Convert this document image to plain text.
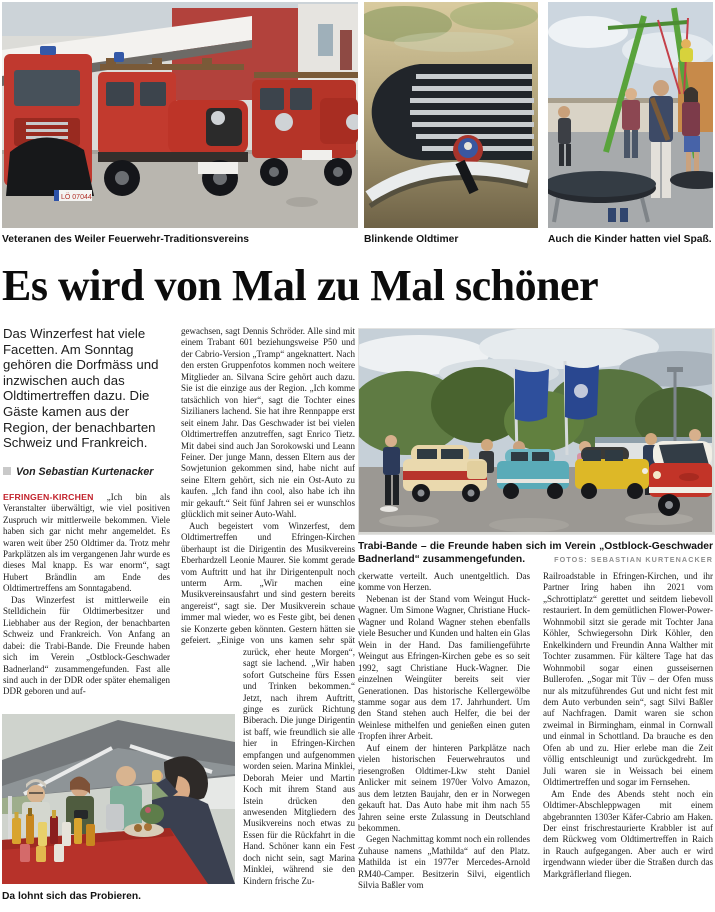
LÖ 07044
Veteranen des Weiler Feuerwehr-Traditionsvereins	Blinkende Oldtimer	Auch die Kinder hatten viel Spaß.
Es wird von Mal zu Mal schöner
Das Winzerfest hat viele Facetten. Am Sonntag gehören die Dorfmäss und inzwischen auch das Oldtimertreffen dazu. Die Gäste kamen aus der Region, der benachbarten Schweiz und Frankreich.
Von Sebastian Kurtenacker

EFRINGEN-KIRCHEN „Ich bin als Veranstalter überwältigt, wie viel positiven Zuspruch wir mittlerweile bekommen. Viele haben sich gar nicht mehr angemeldet. Es waren weit über 250 Oldtimer da. Trotz mehr Parkplätzen als im vergangenen Jahr wurde es dieses Mal knapp. Es war enorm“, sagt Hubert Brändlin am Ende des Oldtimertreffens am Sonntagabend.

Das Winzerfest ist mittlerweile ein Stelldichein für Oldtimerbesitzer und Liebhaber aus der Region, der benachbarten Schweiz und Frankreich. Von Anfang an dabei: die Trabi-Bande. Die Freunde haben sich im Verein „Ostblock-Geschwader Badnerland“ zusammengefunden. Fast alle sind auch in der DDR oder später ehemaligen DDR geboren und auf-

gewachsen, sagt Dennis Schröder. Alle sind mit einem Trabant 601 beziehungsweise P50 und der Cabrio-Version „Tramp“ angeknattert. Nach den ersten Gruppenfotos kommen noch weitere Mitglieder an. Silvana Scire gehört auch dazu. Sie ist die einzige aus der Region. „Ich komme tatsächlich von hier“, sagt die Tochter eines Sizilianers lachend. Sie hat ihre Rennpappe erst seit einem Jahr. Das Geschwader ist bei vielen Oldtimertreffen anzutreffen, sagt Enrico Tietz. Mit dabei sind auch Jan Sorokowski und Leann Feiner. Der junge Mann, dessen Eltern aus der Sowjetunion gekommen sind, habe nicht auf seine Eltern gehört, sich nie ein Ost-Auto zu kaufen. „Ich fand ihn cool, also habe ich ihn mir gekauft.“ Seit fünf Jahren sei er wunschlos glücklich mit seiner Auto-Wahl.

Auch begeistert vom Winzerfest, dem Oldtimertreffen und Efringen-Kirchen überhaupt ist die Dirigentin des Musikvereins Eberhardzell Leonie Maurer. Sie kommt gerade vom Auftritt und hat ihr Dirigentenpult noch unterm Arm. „Wir machen eine Musikvereinsausfahrt und sind gestern bereits angereist“, sagt sie. Der Musikverein schaue immer mal wieder, wo es Feste gibt, bei denen sie Konzerte geben könnten. Gestern hätten sie gefeiert. „Einige von uns kamen sehr spät
zurück, eher heute Morgen“, sagt sie lachend. „Wir haben sofort Gutscheine fürs Essen und Trinken bekommen.“ Jetzt, nach ihrem Auftritt, ginge es zurück Richtung Biberach. Die junge Dirigentin ist baff, wie freundlich sie alle hier in Efringen-Kirchen empfangen und aufgenommen worden seien. Marina Minklei, Deborah Meier und Martin Koch mit ihrem Stand aus Istein drücken den anwesenden Mitgliedern des Musikvereins noch etwas zu Essen für die Rückfahrt in die Hand. Schöner kann ein Fest doch nicht sein, sagt Marina Minklei, während sie den Kindern frische Zu-

Trabi-Bande – die Freunde haben sich im Verein „Ostblock-Geschwader Badnerland“ zusammengefunden.	FOTOS: SEBASTIAN KURTENACKER

ckerwatte verteilt. Auch unentgeltlich. Das komme von Herzen.

Nebenan ist der Stand vom Weingut Huck-Wagner. Um Simone Wagner, Christiane Huck-Wagner und Roland Wagner stehen ebenfalls viele Besucher und Kunden und halten ein Glas Wein in der Hand. Das familiengeführte Weingut aus Efringen-Kirchen gebe es so seit 1992, sagt Christiane Huck-Wagner. Die einzelnen Weingüter bereits seit vier Generationen. Das historische Kellergewölbe stamme sogar aus dem 17. Jahrhundert. Um den Stand stehen auch Helfer, die bei der Weinlese mithelfen und genießen einen guten Tropfen ihrer Arbeit.

Auf einem der hinteren Parkplätze nach vielen historischen Feuerwehrautos und riesengroßen Oldtimer-Lkw steht Daniel Anlicker mit seinem 1970er Volvo Amazon, aus dem letzten Baujahr, den er in Norwegen gekauft hat. Das Auto habe mit ihm nach 55 Jahren seine erste Zulassung in Deutschland bekommen.

Gegen Nachmittag kommt noch ein rollendes Zuhause namens „Mathilda“ auf den Platz. Mathilda ist ein 1977er Mercedes-Arnold RM40-Camper. Besitzerin Silvi, eigentlich Silvia Baßler vom

Railroadstable in Efringen-Kirchen, und ihr Partner Iring haben ihn 2021 vom „Schrottiplatz“ gerettet und seitdem liebevoll restauriert. In dem gemütlichen Flower-Power-Wohnmobil sitzt sie gerade mit Tochter Jana Köhler, Schwiegersohn Dirk Köhler, den Enkelkindern und Freundin Anna Walther mit Tochter zusammen. Für kältere Tage hat das Wohnmobil sogar einen gusseisernen Bullerofen. „Sogar mit Tüv – der Ofen muss nur als mitzuführendes Gut und nicht fest mit dem Auto verbunden sein“, sagt Silvi Baßler auf Nachfragen. Damit waren sie schon zweimal in Birmingham, einmal in Cornwall und einmal in Schottland. Da brauche es den Ofen ab und zu. Hier erlebe man die Zeit völlig entschleunigt und zurückgedreht. Im Juli waren sie in Weissach bei einem Oldtimertreffen und sogar im Fernsehen.

Am Ende des Abends steht noch ein Oldtimer-Abschleppwagen mit einem abgebrannten 1303er Käfer-Cabrio am Haken. Der einst frischrestaurierte Krabbler ist auf dem Rückweg vom Oldtimertreffen in Raich in Rauch aufgegangen. Aber auch er wird irgendwann wieder über die Straßen durch das Markgräflerland fliegen.

Da lohnt sich das Probieren.
